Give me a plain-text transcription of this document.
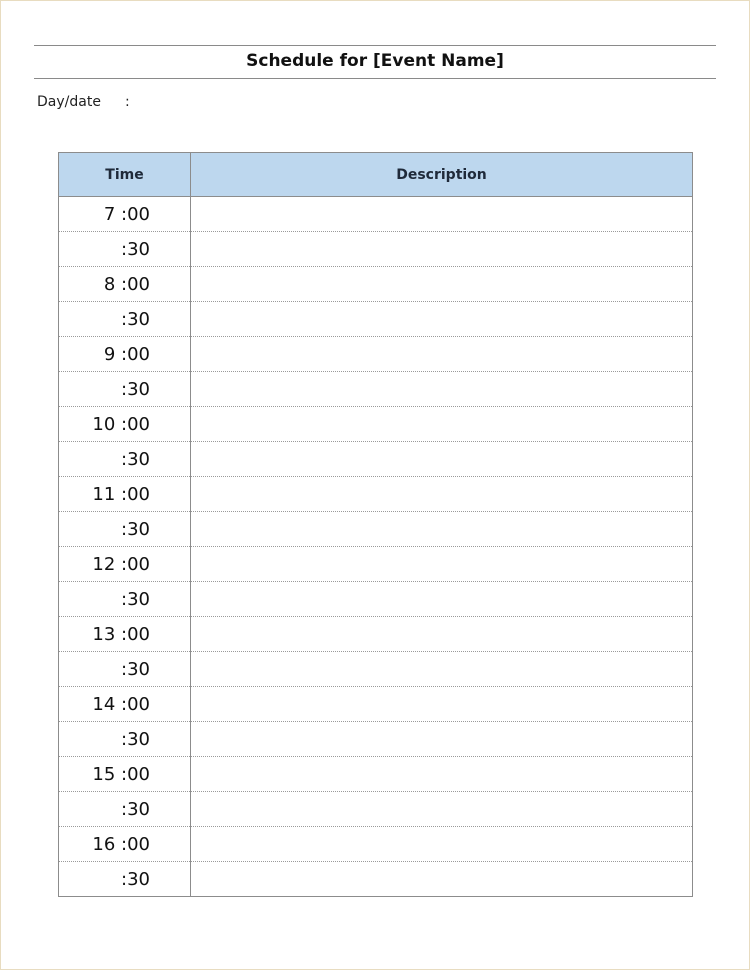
Schedule for [Event Name]
Day/date :
Time	Description
7 :00	
:30	
8 :00	
:30	
9 :00	
:30	
10 :00	
:30	
11 :00	
:30	
12 :00	
:30	
13 :00	
:30	
14 :00	
:30	
15 :00	
:30	
16 :00	
:30	
